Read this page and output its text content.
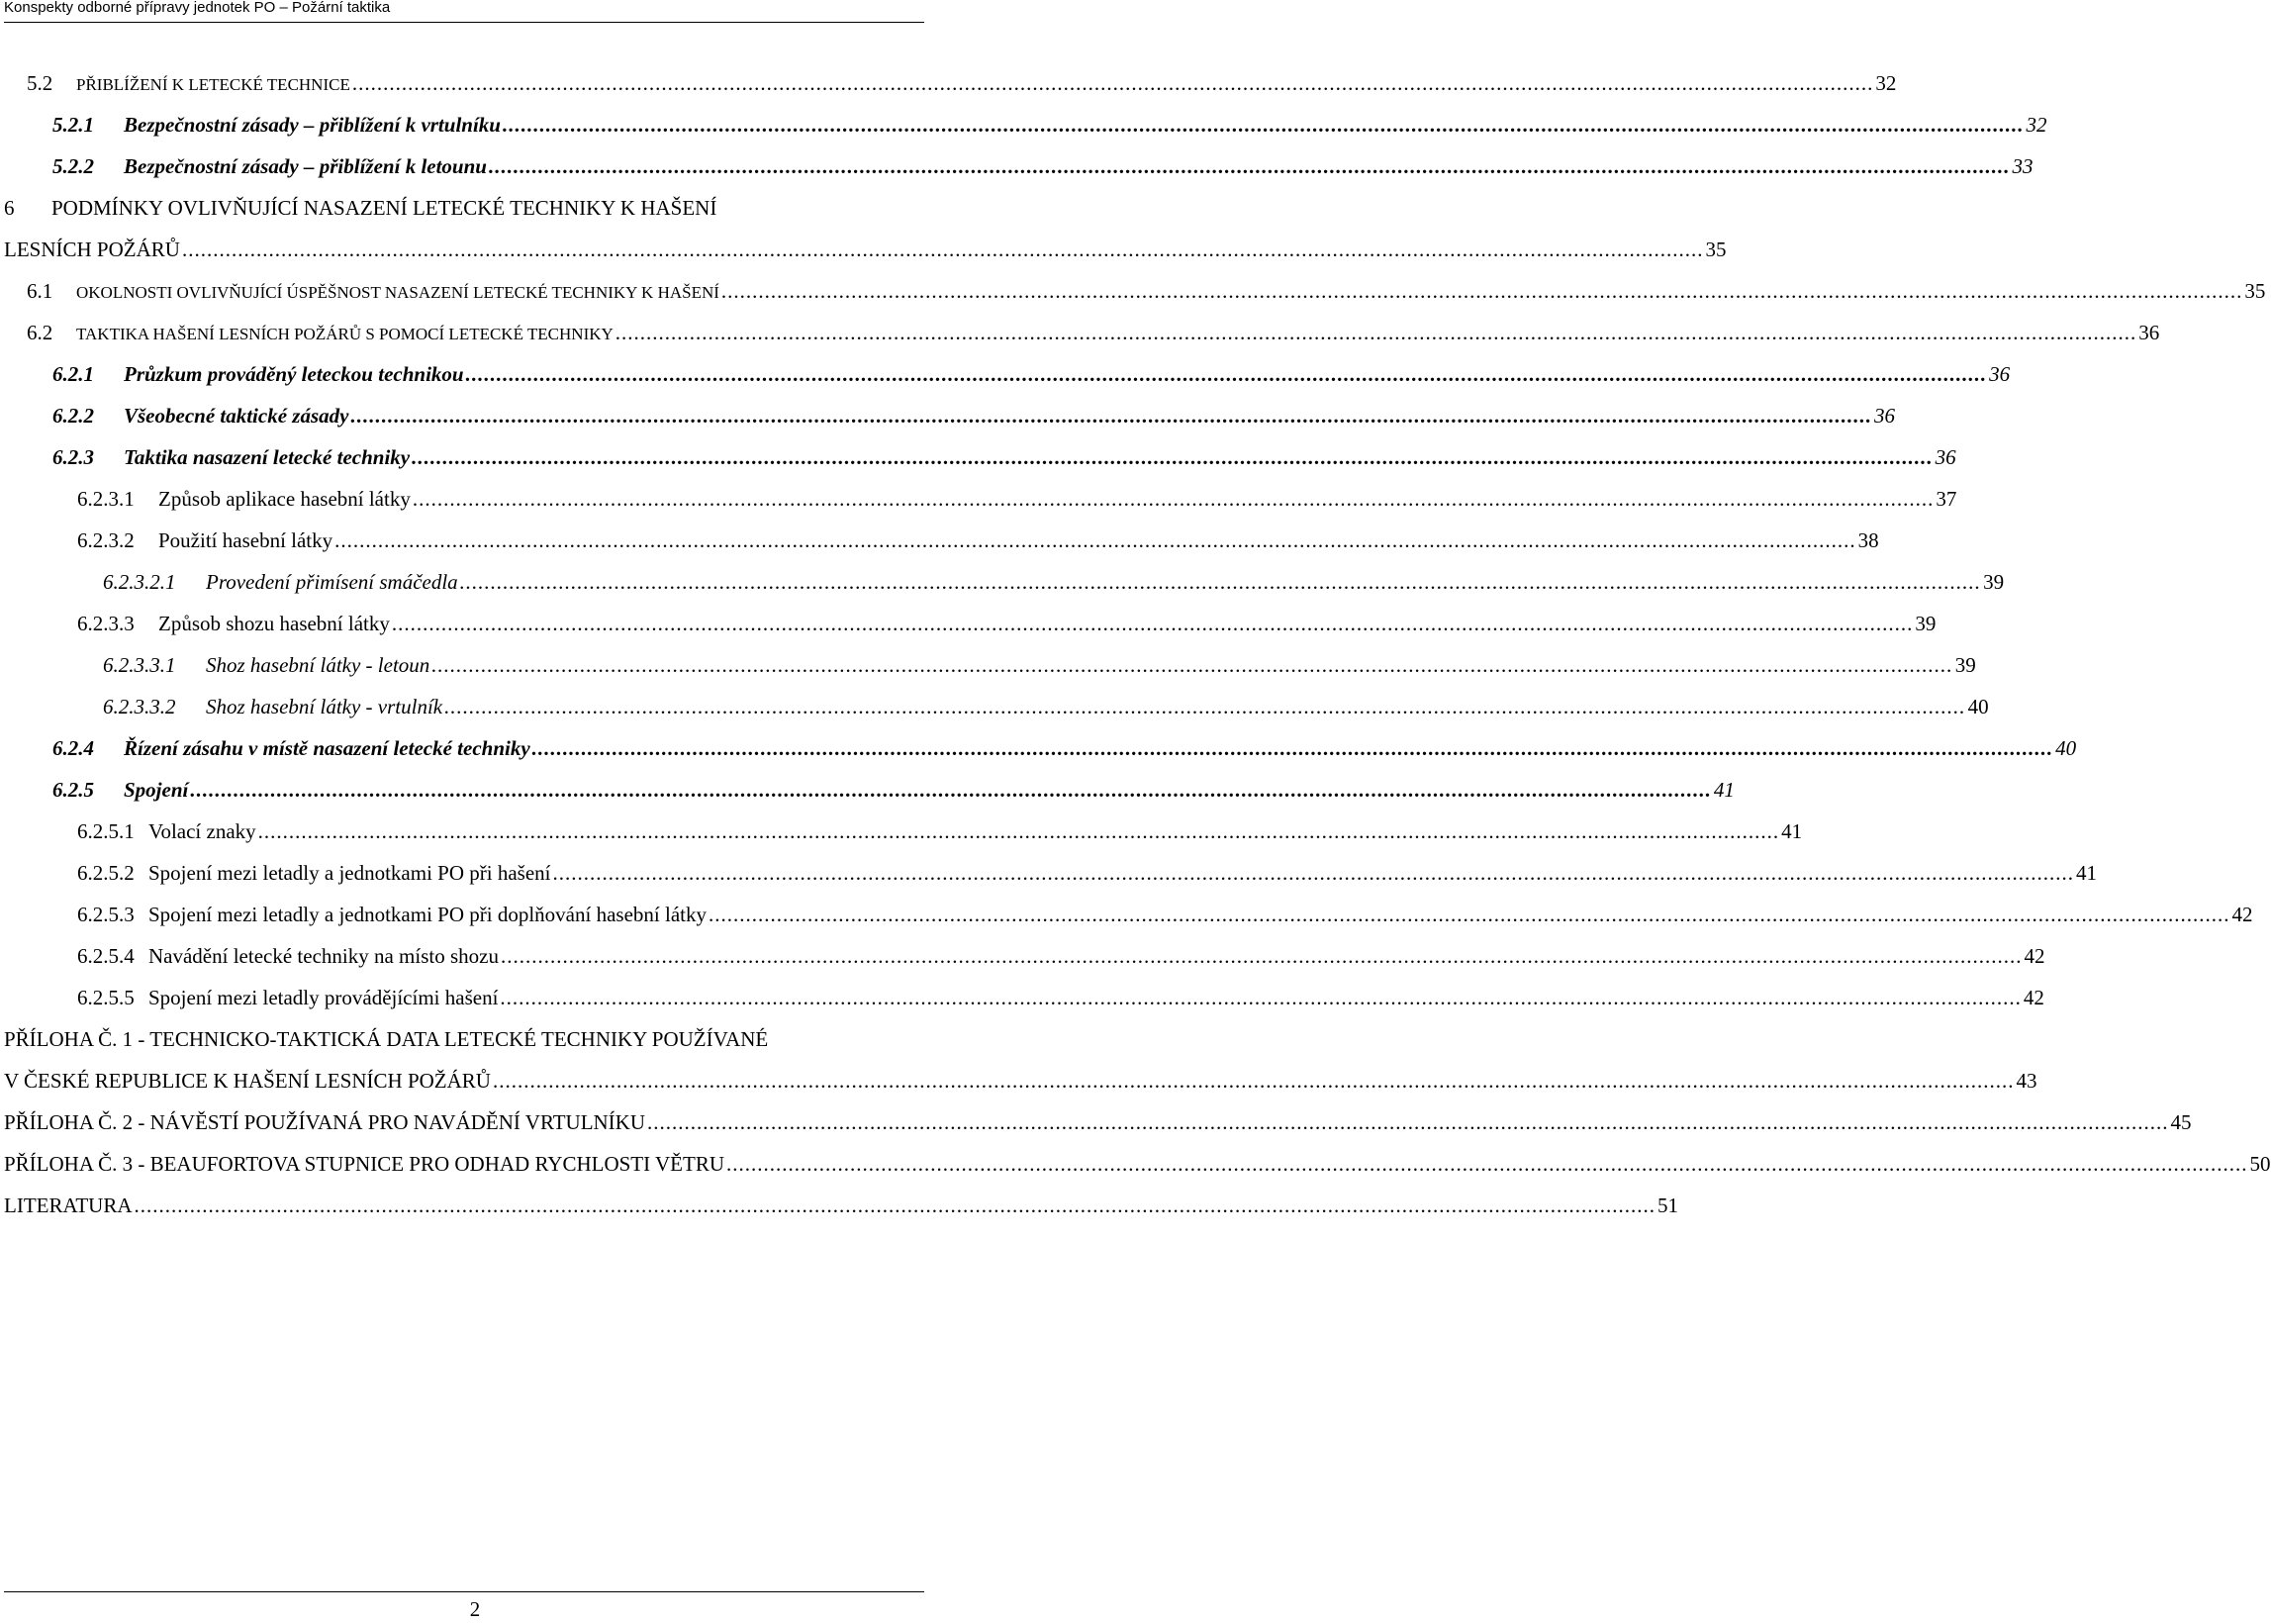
Konspekty odborné přípravy jednotek PO – Požární taktika
5.2	PŘIBLÍŽENÍ K LETECKÉ TECHNICE .....	32
5.2.1	Bezpečnostní zásady – přiblížení k vrtulníku .....	32
5.2.2	Bezpečnostní zásady – přiblížení k letounu .....	33
6	PODMÍNKY OVLIVŇUJÍCÍ NASAZENÍ LETECKÉ TECHNIKY K HAŠENÍ
LESNÍCH POŽÁRŮ .....	35
6.1	OKOLNOSTI OVLIVŇUJÍCÍ ÚSPĚŠNOST NASAZENÍ LETECKÉ TECHNIKY K HAŠENÍ .....	35
6.2	TAKTIKA HAŠENÍ LESNÍCH POŽÁRŮ S POMOCÍ LETECKÉ TECHNIKY .....	36
6.2.1	Průzkum prováděný leteckou technikou .....	36
6.2.2	Všeobecné taktické zásady .....	36
6.2.3	Taktika nasazení letecké techniky .....	36
6.2.3.1	Způsob aplikace hasební látky .....	37
6.2.3.2	Použití hasební látky .....	38
6.2.3.2.1	Provedení přimísení smáčedla .....	39
6.2.3.3	Způsob shozu hasební látky .....	39
6.2.3.3.1	Shoz hasební látky - letoun .....	39
6.2.3.3.2	Shoz hasební látky - vrtulník .....	40
6.2.4	Řízení zásahu v místě nasazení letecké techniky .....	40
6.2.5	Spojení .....	41
6.2.5.1 Volací znaky .....	41
6.2.5.2 Spojení mezi letadly a jednotkami PO při hašení .....	41
6.2.5.3 Spojení mezi letadly a jednotkami PO při doplňování hasební látky .....	42
6.2.5.4 Navádění letecké techniky na místo shozu .....	42
6.2.5.5 Spojení mezi letadly provádějícími hašení .....	42
PŘÍLOHA Č. 1 - TECHNICKO-TAKTICKÁ DATA LETECKÉ TECHNIKY POUŽÍVANÉ
V ČESKÉ REPUBLICE K HAŠENÍ LESNÍCH POŽÁRŮ .....	43
PŘÍLOHA Č. 2 - NÁVĚSTÍ POUŽÍVANÁ PRO NAVÁDĚNÍ VRTULNÍKU .....	45
PŘÍLOHA Č. 3 - BEAUFORTOVA STUPNICE PRO ODHAD RYCHLOSTI VĚTRU .....	50
LITERATURA .....	51
2
